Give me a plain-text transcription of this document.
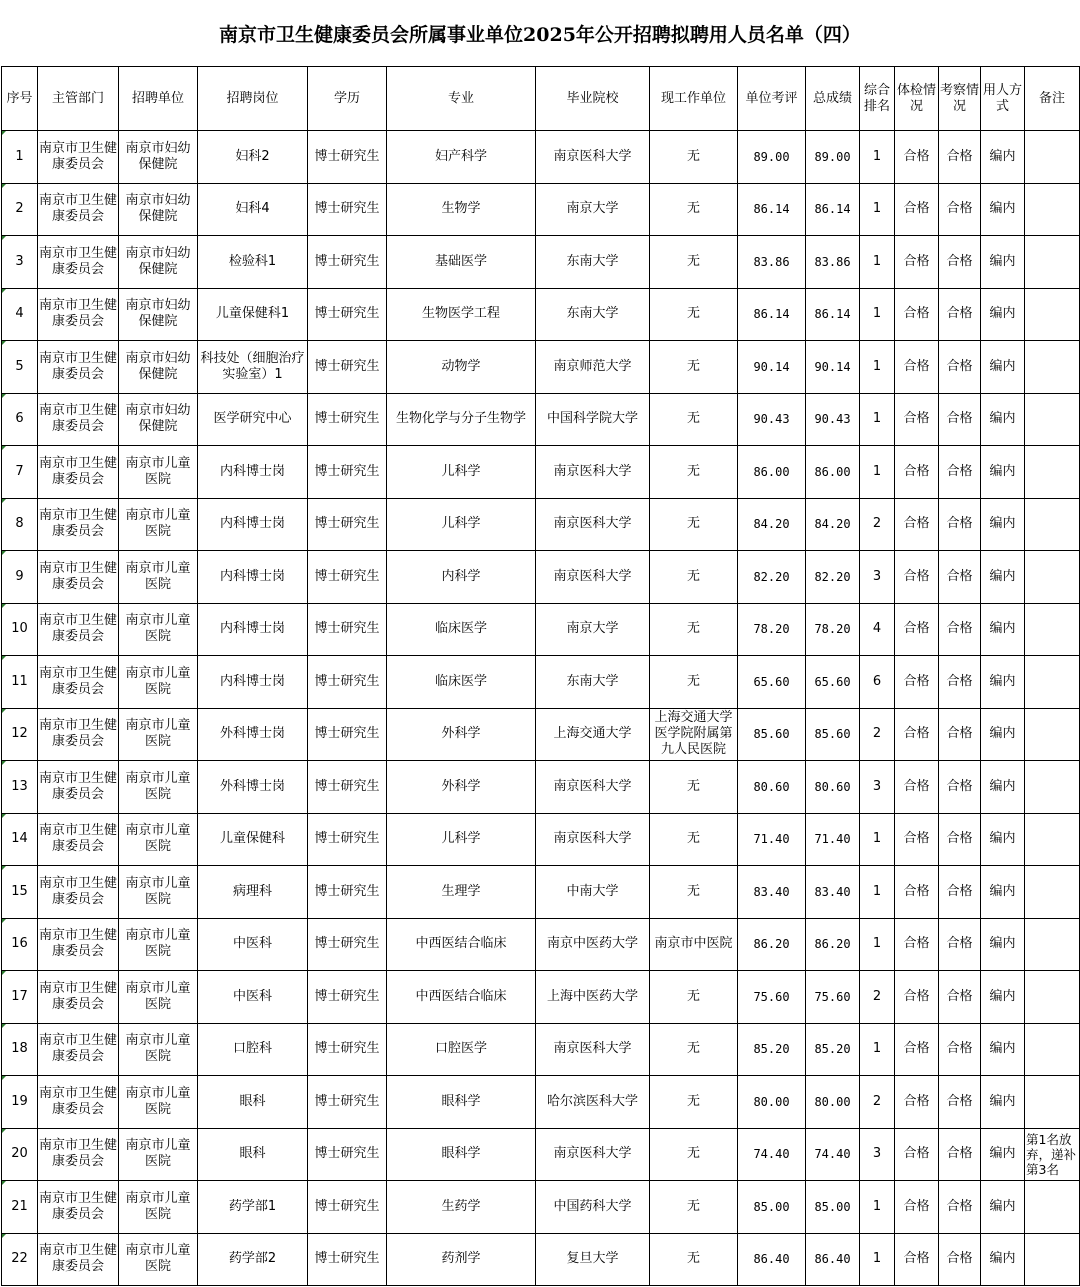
南京市卫生健康委员会所属事业单位2025年公开招聘拟聘用人员名单（四）
序号	主管部门	招聘单位	招聘岗位	学历	专业	毕业院校	现工作单位	单位考评	总成绩	综合排名	体检情况	考察情况	用人方式	备注
1	南京市卫生健康委员会	南京市妇幼保健院	妇科2	博士研究生	妇产科学	南京医科大学	无	89.00	89.00	1	合格	合格	编内	
2	南京市卫生健康委员会	南京市妇幼保健院	妇科4	博士研究生	生物学	南京大学	无	86.14	86.14	1	合格	合格	编内	
3	南京市卫生健康委员会	南京市妇幼保健院	检验科1	博士研究生	基础医学	东南大学	无	83.86	83.86	1	合格	合格	编内	
4	南京市卫生健康委员会	南京市妇幼保健院	儿童保健科1	博士研究生	生物医学工程	东南大学	无	86.14	86.14	1	合格	合格	编内	
5	南京市卫生健康委员会	南京市妇幼保健院	科技处（细胞治疗实验室）1	博士研究生	动物学	南京师范大学	无	90.14	90.14	1	合格	合格	编内	
6	南京市卫生健康委员会	南京市妇幼保健院	医学研究中心	博士研究生	生物化学与分子生物学	中国科学院大学	无	90.43	90.43	1	合格	合格	编内	
7	南京市卫生健康委员会	南京市儿童医院	内科博士岗	博士研究生	儿科学	南京医科大学	无	86.00	86.00	1	合格	合格	编内	
8	南京市卫生健康委员会	南京市儿童医院	内科博士岗	博士研究生	儿科学	南京医科大学	无	84.20	84.20	2	合格	合格	编内	
9	南京市卫生健康委员会	南京市儿童医院	内科博士岗	博士研究生	内科学	南京医科大学	无	82.20	82.20	3	合格	合格	编内	
10	南京市卫生健康委员会	南京市儿童医院	内科博士岗	博士研究生	临床医学	南京大学	无	78.20	78.20	4	合格	合格	编内	
11	南京市卫生健康委员会	南京市儿童医院	内科博士岗	博士研究生	临床医学	东南大学	无	65.60	65.60	6	合格	合格	编内	
12	南京市卫生健康委员会	南京市儿童医院	外科博士岗	博士研究生	外科学	上海交通大学	上海交通大学医学院附属第九人民医院	85.60	85.60	2	合格	合格	编内	
13	南京市卫生健康委员会	南京市儿童医院	外科博士岗	博士研究生	外科学	南京医科大学	无	80.60	80.60	3	合格	合格	编内	
14	南京市卫生健康委员会	南京市儿童医院	儿童保健科	博士研究生	儿科学	南京医科大学	无	71.40	71.40	1	合格	合格	编内	
15	南京市卫生健康委员会	南京市儿童医院	病理科	博士研究生	生理学	中南大学	无	83.40	83.40	1	合格	合格	编内	
16	南京市卫生健康委员会	南京市儿童医院	中医科	博士研究生	中西医结合临床	南京中医药大学	南京市中医院	86.20	86.20	1	合格	合格	编内	
17	南京市卫生健康委员会	南京市儿童医院	中医科	博士研究生	中西医结合临床	上海中医药大学	无	75.60	75.60	2	合格	合格	编内	
18	南京市卫生健康委员会	南京市儿童医院	口腔科	博士研究生	口腔医学	南京医科大学	无	85.20	85.20	1	合格	合格	编内	
19	南京市卫生健康委员会	南京市儿童医院	眼科	博士研究生	眼科学	哈尔滨医科大学	无	80.00	80.00	2	合格	合格	编内	
20	南京市卫生健康委员会	南京市儿童医院	眼科	博士研究生	眼科学	南京医科大学	无	74.40	74.40	3	合格	合格	编内	第1名放弃，递补第3名
21	南京市卫生健康委员会	南京市儿童医院	药学部1	博士研究生	生药学	中国药科大学	无	85.00	85.00	1	合格	合格	编内	
22	南京市卫生健康委员会	南京市儿童医院	药学部2	博士研究生	药剂学	复旦大学	无	86.40	86.40	1	合格	合格	编内	
